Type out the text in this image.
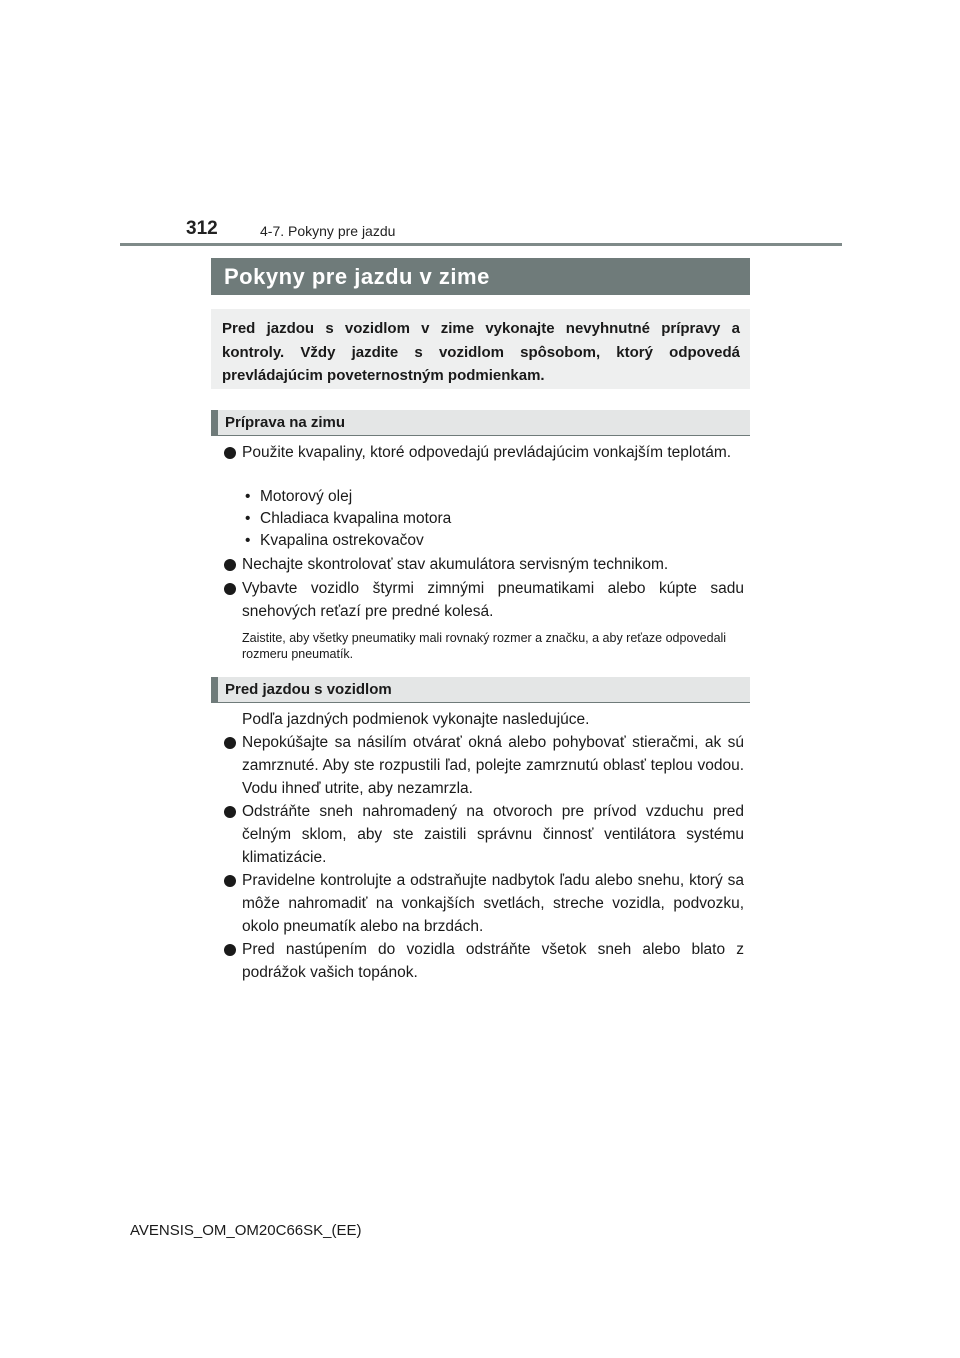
312	4-7. Pokyny pre jazdu
Pokyny pre jazdu v zime
Pred jazdou s vozidlom v zime vykonajte nevyhnutné prípravy a kontroly. Vždy jazdite s vozidlom spôsobom, ktorý odpovedá prevládajúcim poveternostným podmienkam.
Príprava na zimu
Použite kvapaliny, ktoré odpovedajú prevládajúcim vonkajším teplotám.
• Motorový olej
• Chladiaca kvapalina motora
• Kvapalina ostrekovačov
Nechajte skontrolovať stav akumulátora servisným technikom.
Vybavte vozidlo štyrmi zimnými pneumatikami alebo kúpte sadu snehových reťazí pre predné kolesá.
Zaistite, aby všetky pneumatiky mali rovnaký rozmer a značku, a aby reťaze odpovedali rozmeru pneumatík.
Pred jazdou s vozidlom
Podľa jazdných podmienok vykonajte nasledujúce.
Nepokúšajte sa násilím otvárať okná alebo pohybovať stieračmi, ak sú zamrznuté. Aby ste rozpustili ľad, polejte zamrznutú oblasť teplou vodou. Vodu ihneď utrite, aby nezamrzla.
Odstráňte sneh nahromadený na otvoroch pre prívod vzduchu pred čelným sklom, aby ste zaistili správnu činnosť ventilátora systému klimatizácie.
Pravidelne kontrolujte a odstraňujte nadbytok ľadu alebo snehu, ktorý sa môže nahromadiť na vonkajších svetlách, streche vozidla, podvozku, okolo pneumatík alebo na brzdách.
Pred nastúpením do vozidla odstráňte všetok sneh alebo blato z podrážok vašich topánok.
AVENSIS_OM_OM20C66SK_(EE)
